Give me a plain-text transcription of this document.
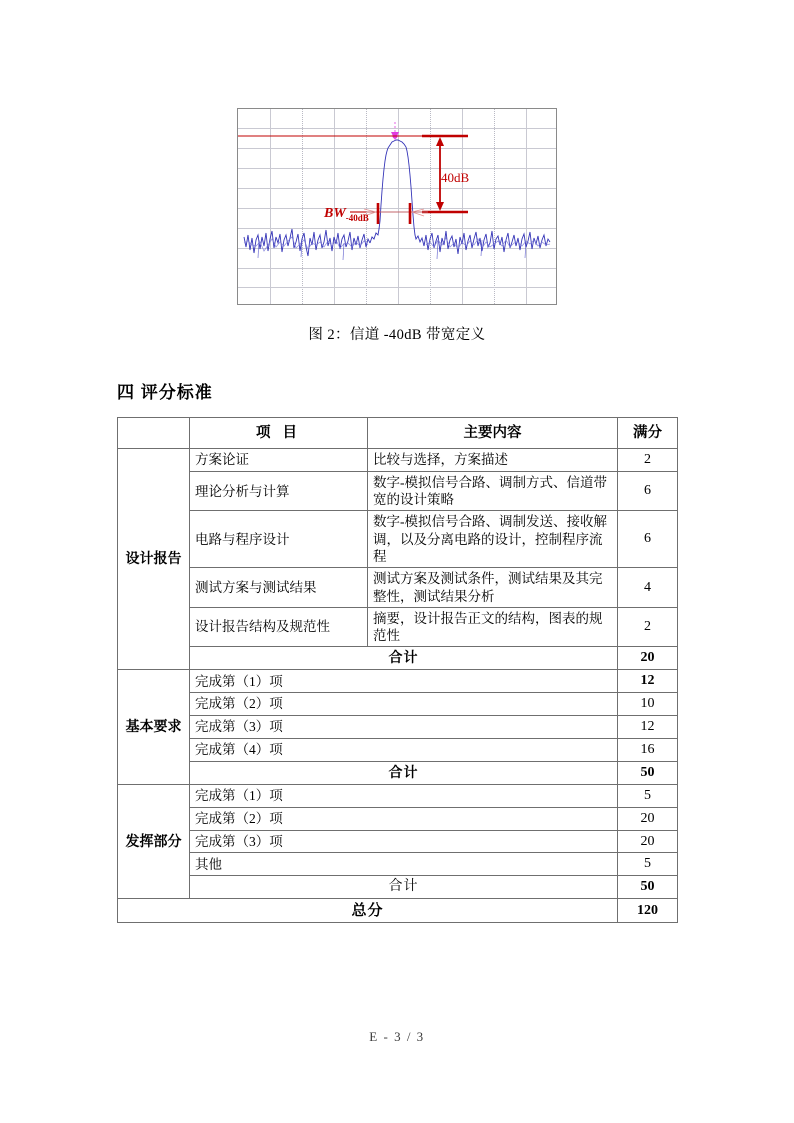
40dB
$BW_{-40dB}$
图 2：信道 -40dB 带宽定义
四 评分标准
	项 目	主要内容	满分
设计报告	方案论证	比较与选择，方案描述	2
	理论分析与计算	数字-模拟信号合路、调制方式、信道带宽的设计策略	6
	电路与程序设计	数字-模拟信号合路、调制发送、接收解调，以及分离电路的设计，控制程序流程	6
	测试方案与测试结果	测试方案及测试条件，测试结果及其完整性，测试结果分析	4
	设计报告结构及规范性	摘要，设计报告正文的结构，图表的规范性	2
	合计		20
基本要求	完成第（1）项		12
	完成第（2）项		10
	完成第（3）项		12
	完成第（4）项		16
	合计		50
发挥部分	完成第（1）项		5
	完成第（2）项		20
	完成第（3）项		20
	其他		5
	合计		50
总分			120
E - 3 / 3
